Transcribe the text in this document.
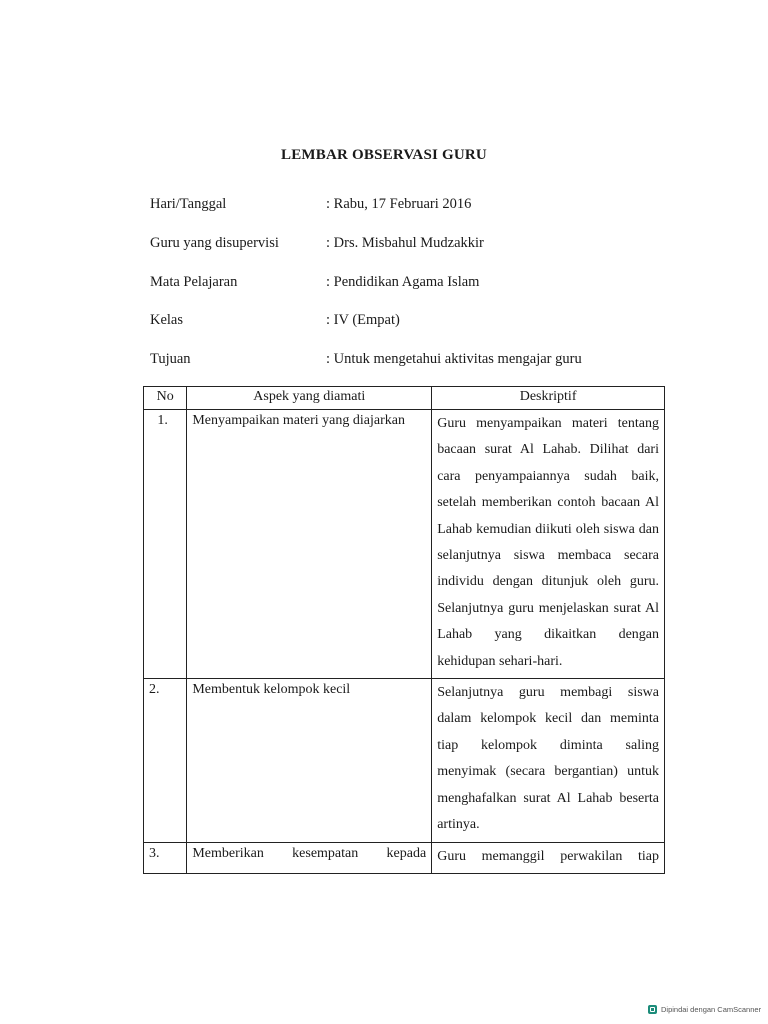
LEMBAR OBSERVASI GURU
Hari/Tanggal	: Rabu, 17 Februari 2016
Guru yang disupervisi	: Drs. Misbahul Mudzakkir
Mata Pelajaran	: Pendidikan Agama Islam
Kelas	: IV (Empat)
Tujuan	: Untuk mengetahui aktivitas mengajar guru
No	Aspek yang diamati	Deskriptif
1.	Menyampaikan materi yang diajarkan	Guru menyampaikan materi tentang bacaan surat Al Lahab. Dilihat dari cara penyampaiannya sudah baik, setelah memberikan contoh bacaan Al Lahab kemudian diikuti oleh siswa dan selanjutnya siswa membaca secara individu dengan ditunjuk oleh guru. Selanjutnya guru menjelaskan surat Al Lahab yang dikaitkan dengan kehidupan sehari-hari.

2.	Membentuk kelompok kecil	Selanjutnya guru membagi siswa dalam kelompok kecil dan meminta tiap kelompok diminta saling menyimak (secara bergantian) untuk menghafalkan surat Al Lahab beserta artinya.

3.	Memberikan kesempatan kepada	Guru memanggil perwakilan tiap
Dipindai dengan CamScanner
